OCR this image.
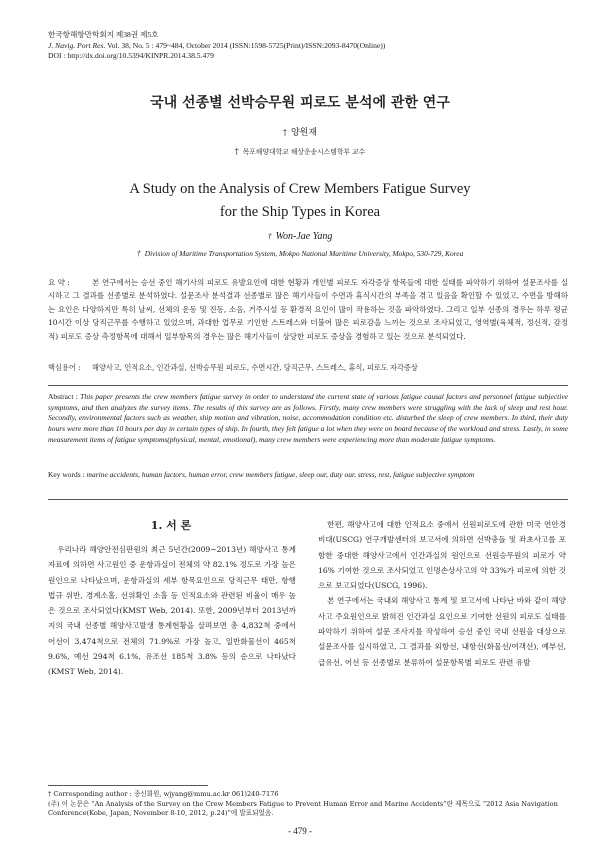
한국항해항만학회지 제38권 제5호
J. Navig. Port Res. Vol. 38, No. 5 : 479~484, October 2014 (ISSN:1598-5725(Print)/ISSN:2093-8470(Online))
DOI : http://dx.doi.org/10.5394/KINPR.2014.38.5.479
국내 선종별 선박승무원 피로도 분석에 관한 연구
† 양원재
† 목포해양대학교 해상운송시스템학부 교수
A Study on the Analysis of Crew Members Fatigue Survey
for the Ship Types in Korea
† Won-Jae Yang
† Division of Maritime Transportation System, Mokpo National Maritime University, Mokpo, 530-729, Korea
요 약 :	본 연구에서는 승선 중인 해기사의 피로도 유발요인에 대한 현황과 개인별 피로도 자각증상 항목들에 대한 실태를 파악하기 위하여 설문조사를 실시하고 그 결과를 선종별로 분석하였다. 설문조사 분석결과 선종별로 많은 해기사들이 수면과 휴식시간의 부족을 겪고 있음을 확인할 수 있었고, 수면을 방해하는 요인은 다양하지만 특히 날씨, 선체의 운동 및 진동, 소음, 거주시설 등 환경적 요인이 많이 작용하는 것을 파악하였다. 그리고 일부 선종의 경우는 하루 평균 10시간 이상 당직근무를 수행하고 있었으며, 과대한 업무로 기인한 스트레스와 더불어 많은 피로감을 느끼는 것으로 조사되었고, 영역별(육체적, 정신적, 감정적) 피로도 증상 측정항목에 대해서 일부항목의 경우는 많은 해기사들이 상당한 피로도 증상을 경험하고 있는 것으로 분석되었다.
핵심용어 : 해양사고, 인적요소, 인간과실, 선박승무원 피로도, 수면시간, 당직근무, 스트레스, 휴식, 피로도 자각증상
Abstract : This paper presents the crew members fatigue survey in order to understand the current state of various fatigue causal factors and personnel fatigue subjective symptoms, and then analyzes the survey items. The results of this survey are as follows. Firstly, many crew members were struggling with the lack of sleep and rest hour. Secondly, environmental factors such as weather, ship motion and vibration, noise, accommodation condition etc. disturbed the sleep of crew members. In third, their duty hours were more than 10 hours per day in certain types of ship. In fourth, they felt fatigue a lot when they were on board because of the workload and stress. Lastly, in some measurement items of fatigue symptoms(physical, mental, emotional), many crew members were experiencing more than moderate fatigue symptoms.
Key words : marine accidents, human factors, human error, crew members fatigue, sleep our, duty our, stress, rest, fatigue subjective symptom
1. 서 론

우리나라 해양안전심판원의 최근 5년간(2009~2013년) 해양사고 통계자료에 의하면 사고원인 중 운항과실이 전체의 약 82.1% 정도로 가장 높은 원인으로 나타났으며, 운항과실의 세부 항목요인으로 당직근무 태만, 항행법규 위반, 경계소홀, 선위확인 소홀 등 인적요소와 관련된 비율이 매우 높은 것으로 조사되었다(KMST Web, 2014). 또한, 2009년부터 2013년까지의 국내 선종별 해양사고발생 통계현황을 살펴보면 총 4,832척 중에서 어선이 3,474척으로 전체의 71.9%로 가장 높고, 일반화물선이 465척 9.6%, 예선 294척 6.1%, 유조선 185척 3.8% 등의 순으로 나타났다(KMST Web, 2014).

한편, 해양사고에 대한 인적요소 중에서 선원피로도에 관한 미국 연안경비대(USCG) 연구개발센터의 보고서에 의하면 선박충돌 및 좌초사고를 포함한 중대한 해양사고에서 인간과실의 원인으로 선원승무원의 피로가 약 16% 기여한 것으로 조사되었고 인명손상사고의 약 33%가 피로에 의한 것으로 보고되었다(USCG, 1996).

본 연구에서는 국내외 해양사고 통계 및 보고서에 나타난 바와 같이 해양사고 주요원인으로 밝혀진 인간과실 요인으로 기여한 선원의 피로도 실태를 파악하기 위하여 설문 조사지를 작성하여 승선 중인 국내 선원을 대상으로 설문조사를 실시하였고, 그 결과를 외항선, 내항선(화물선/여객선), 예부선, 급유선, 어선 등 선종별로 분류하여 설문항목별 피로도 관련 유발

† Corresponding author : 종신회원, wjyang@mmu.ac.kr 061)240-7176
(주) 이 논문은 “An Analysis of the Survey on the Crew Members Fatigue to Prevent Human Error and Marine Accidents”란 제목으로 “2012 Asia Navigation Conference(Kobe, Japan, November 8-10, 2012, p.24)”에 발표되었음.
- 479 -
